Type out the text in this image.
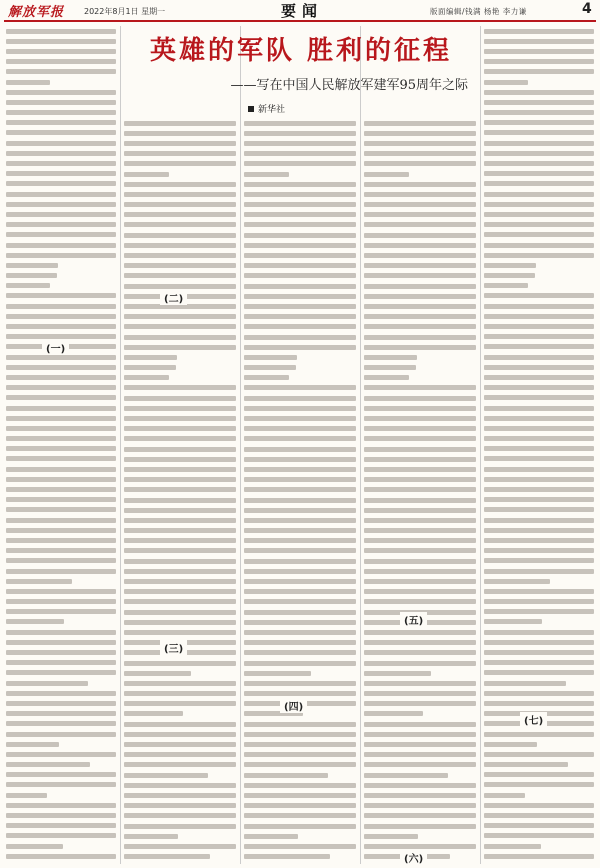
解放军报 2022年8月1日 星期一	要闻	版面编辑/钱满 杨艳 李力谦	4
英雄的军队 胜利的征程
——写在中国人民解放军建军95周年之际
新华社
(一)
(二)
(三)
(四)
(五)
(六)
(七)
